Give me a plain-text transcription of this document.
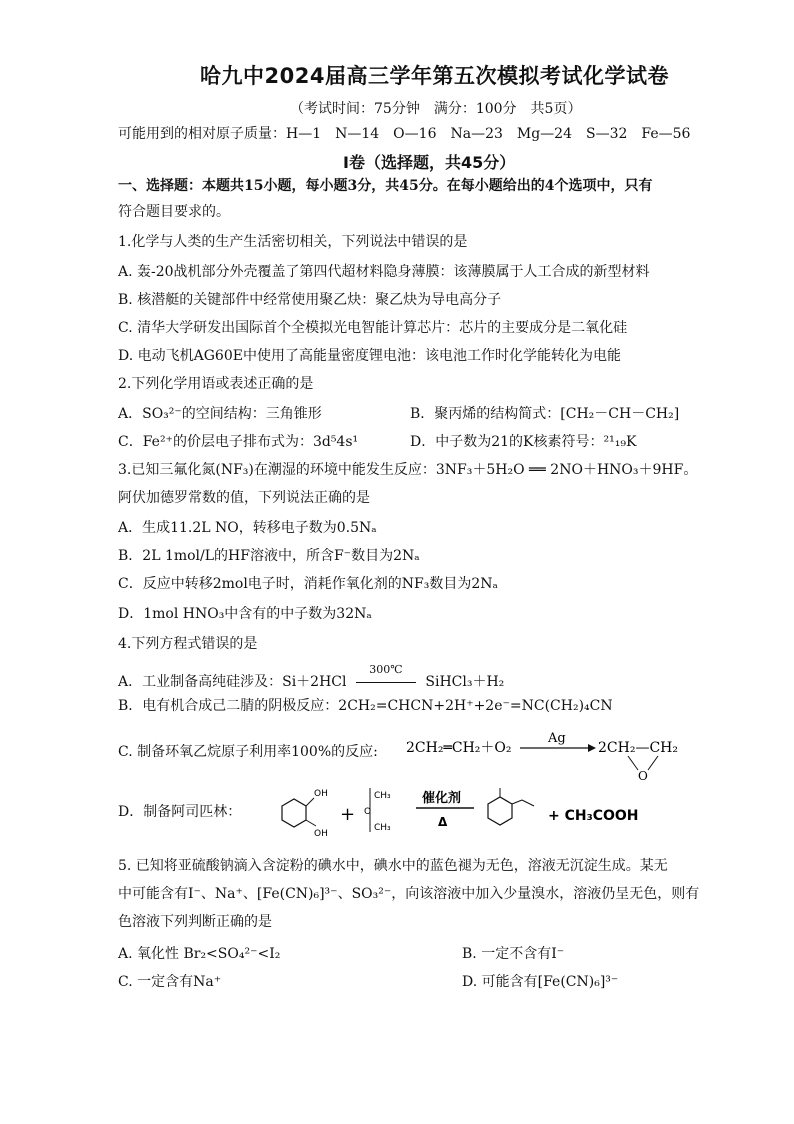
哈九中2024届高三学年第五次模拟考试化学试卷
（考试时间：75分钟　满分：100分　共5页）
可能用到的相对原子质量：H—1　N—14　O—16　Na—23　Mg—24　S—32　Fe—56
I卷（选择题，共45分）
一、选择题：本题共15小题，每小题3分，共45分。在每小题给出的4个选项中，只有
符合题目要求的。
1.化学与人类的生产生活密切相关，下列说法中错误的是
A. 轰-20战机部分外壳覆盖了第四代超材料隐身薄膜：该薄膜属于人工合成的新型材料
B. 核潜艇的关键部件中经常使用聚乙炔：聚乙炔为导电高分子
C. 清华大学研发出国际首个全模拟光电智能计算芯片：芯片的主要成分是二氧化硅
D. 电动飞机AG60E中使用了高能量密度锂电池：该电池工作时化学能转化为电能
2.下列化学用语或表述正确的是
A．SO₃²⁻的空间结构：三角锥形	B．聚丙烯的结构简式：[CH₂－CH－CH₂]
C．Fe²⁺的价层电子排布式为：3d⁵4s¹	D．中子数为21的K核素符号：²¹₁₉K
3.已知三氟化氮(NF₃)在潮湿的环境中能发生反应：3NF₃＋5H₂O ══ 2NO＋HNO₃＋9HF。
阿伏加德罗常数的值，下列说法正确的是
A．生成11.2L NO，转移电子数为0.5Nₐ
B．2L 1mol/L的HF溶液中，所含F⁻数目为2Nₐ
C．反应中转移2mol电子时，消耗作氧化剂的NF₃数目为2Nₐ
D．1mol HNO₃中含有的中子数为32Nₐ
4.下列方程式错误的是
A．工业制备高纯硅涉及：Si＋2HCl
300℃
SiHCl₃＋H₂
B．电有机合成己二腈的阴极反应：2CH₂=CHCN+2H⁺+2e⁻=NC(CH₂)₄CN
C. 制备环氧乙烷原子利用率100%的反应: 2CH₂═CH₂＋O₂
Ag
2CH₂—CH₂
O
D．制备阿司匹林：
OH
OH
+
CH₃
O
CH₃
催化剂
Δ	+ CH₃COOH
5. 已知将亚硫酸钠滴入含淀粉的碘水中，碘水中的蓝色褪为无色，溶液无沉淀生成。某无
中可能含有I⁻、Na⁺、[Fe(CN)₆]³⁻、SO₃²⁻，向该溶液中加入少量溴水，溶液仍呈无色，则有
色溶液下列判断正确的是
A. 氧化性 Br₂<SO₄²⁻<I₂	B. 一定不含有I⁻
C. 一定含有Na⁺	D. 可能含有[Fe(CN)₆]³⁻
